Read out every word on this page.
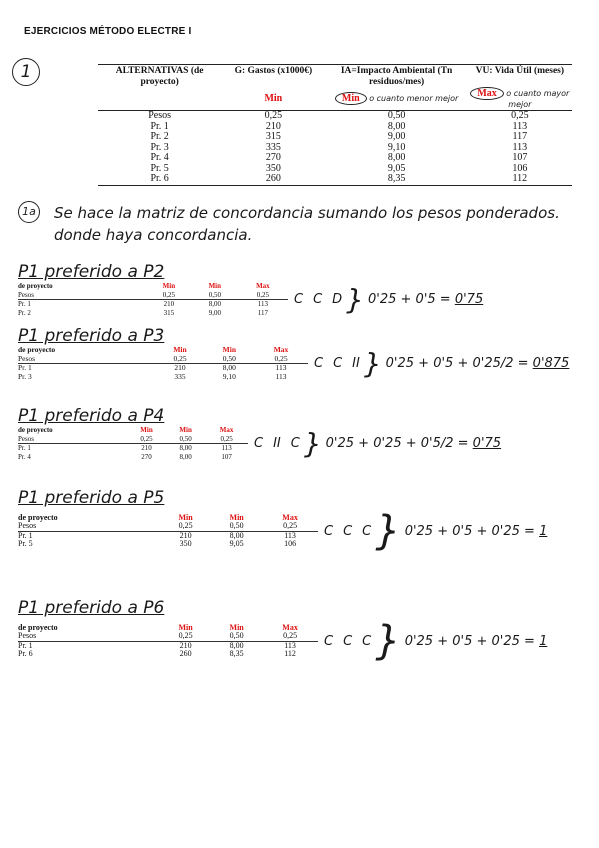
EJERCICIOS MÉTODO ELECTRE I
1	ALTERNATIVAS (de proyecto)	G: Gastos (x1000€)	IA=Impacto Ambiental (Tn residuos/mes)	VU: Vida Útil (meses)
	Min	Min o cuanto menor mejor	Max o cuanto mayor mejor
Pesos	0,25	0,50	0,25
Pr. 1	210	8,00	113
Pr. 2	315	9,00	117
Pr. 3	335	9,10	113
Pr. 4	270	8,00	107
Pr. 5	350	9,05	106
Pr. 6	260	8,35	112
1a	Se hace la matriz de concordancia sumando los pesos ponderados. donde haya concordancia.
P1 preferido a P2
de proyecto	Min	Min	Max
Pesos	0,25	0,50	0,25
Pr. 1	210	8,00	113
Pr. 2	315	9,00	117
C C D } 0'25 + 0'5 = 0'75
P1 preferido a P3
de proyecto	Min	Min	Max
Pesos	0,25	0,50	0,25
Pr. 1	210	8,00	113
Pr. 3	335	9,10	113
C C II } 0'25 + 0'5 + 0'25/2 = 0'875
P1 preferido a P4
de proyecto	Min	Min	Max
Pesos	0,25	0,50	0,25
Pr. 1	210	8,00	113
Pr. 4	270	8,00	107
C II C } 0'25 + 0'25 + 0'5/2 = 0'75
P1 preferido a P5
de proyecto	Min	Min	Max
Pesos	0,25	0,50	0,25
Pr. 1	210	8,00	113
Pr. 5	350	9,05	106
C C C } 0'25 + 0'5 + 0'25 = 1
P1 preferido a P6
de proyecto	Min	Min	Max
Pesos	0,25	0,50	0,25
Pr. 1	210	8,00	113
Pr. 6	260	8,35	112
C C C } 0'25 + 0'5 + 0'25 = 1
